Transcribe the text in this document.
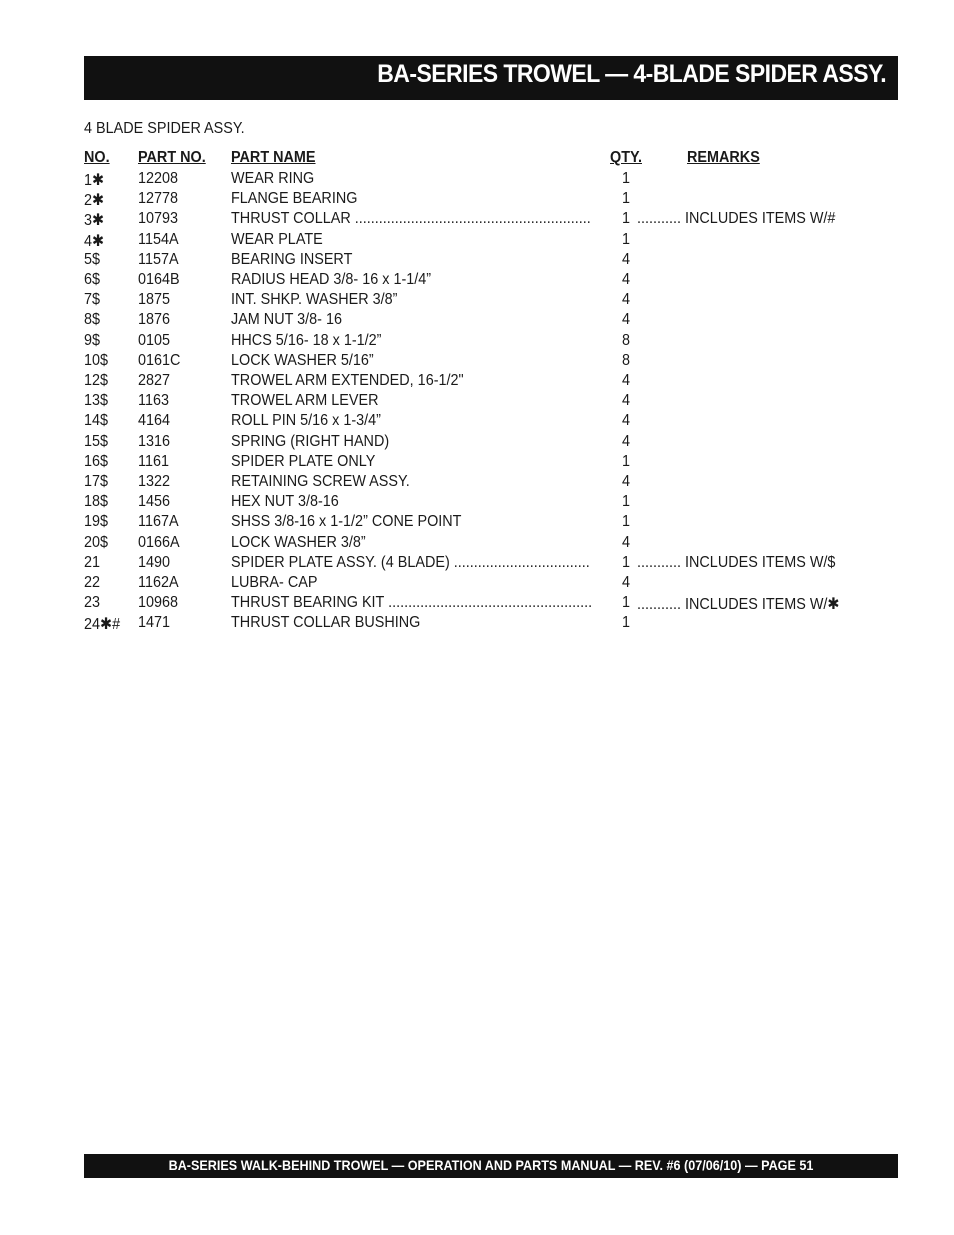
BA-SERIES TROWEL — 4-BLADE SPIDER ASSY.
4 BLADE SPIDER ASSY.
NO. PART NO. PART NAME	QTY.	REMARKS
1✱ 12208	WEAR RING	1
2✱ 12778	FLANGE BEARING	1
3✱ 10793	THRUST COLLAR ........................................................... 1 ........... INCLUDES ITEMS W/#
4✱ 1154A	WEAR PLATE	1
5$ 1157A	BEARING INSERT	4
6$ 0164B	RADIUS HEAD 3/8- 16 x 1-1/4”	4
7$ 1875	INT. SHKP. WASHER 3/8”	4
8$ 1876	JAM NUT 3/8- 16	4
9$ 0105	HHCS 5/16- 18 x 1-1/2”	8
10$ 0161C	LOCK WASHER 5/16”	8
12$ 2827	TROWEL ARM EXTENDED, 16-1/2"	4
13$ 1163	TROWEL ARM LEVER	4
14$ 4164	ROLL PIN 5/16 x 1-3/4”	4
15$ 1316	SPRING (RIGHT HAND)	4
16$ 1161	SPIDER PLATE ONLY	1
17$ 1322	RETAINING SCREW ASSY.	4
18$ 1456	HEX NUT 3/8-16	1
19$ 1167A	SHSS 3/8-16 x 1-1/2” CONE POINT	1
20$ 0166A	LOCK WASHER 3/8”	4
21 1490	SPIDER PLATE ASSY. (4 BLADE) .................................. 1 ........... INCLUDES ITEMS W/$
22 1162A	LUBRA- CAP	4
23 10968	THRUST BEARING KIT ................................................... 1 ........... INCLUDES ITEMS W/✱
24✱# 1471	THRUST COLLAR BUSHING	1
BA-SERIES WALK-BEHIND TROWEL — OPERATION AND PARTS MANUAL — REV. #6 (07/06/10) — PAGE 51
